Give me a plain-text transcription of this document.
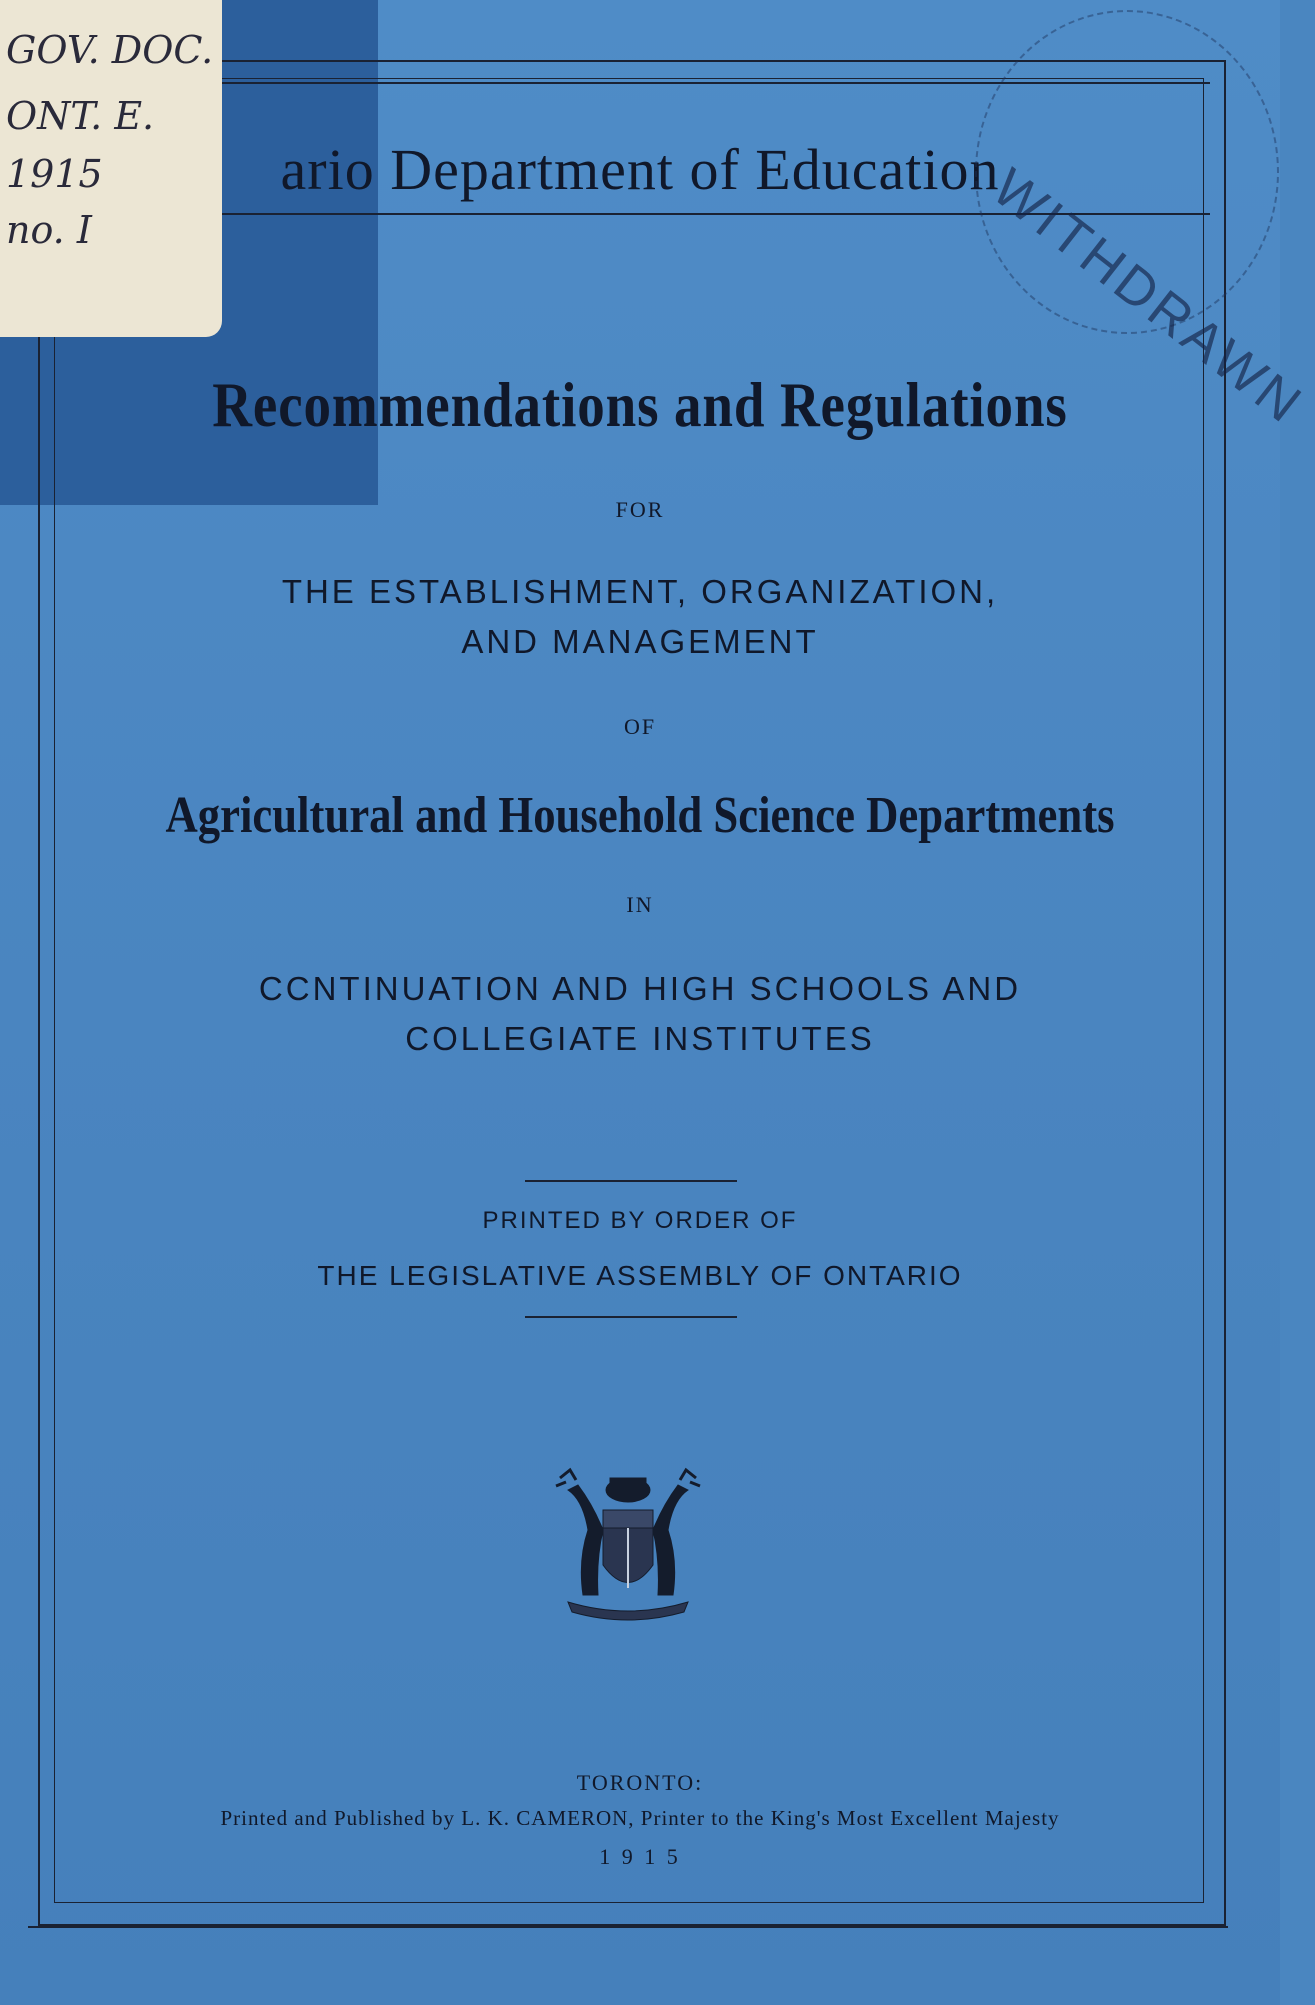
ario Department of Education
Recommendations and Regulations
FOR
THE ESTABLISHMENT, ORGANIZATION,
AND MANAGEMENT
OF
Agricultural and Household Science Departments
IN
CCNTINUATION AND HIGH SCHOOLS AND
COLLEGIATE INSTITUTES
PRINTED BY ORDER OF
THE LEGISLATIVE ASSEMBLY OF ONTARIO
TORONTO:
Printed and Published by L. K. CAMERON, Printer to the King's Most Excellent Majesty
1 9 1 5
GOV. DOC.
ONT. E.
1915
no. I	WITHDRAWN
